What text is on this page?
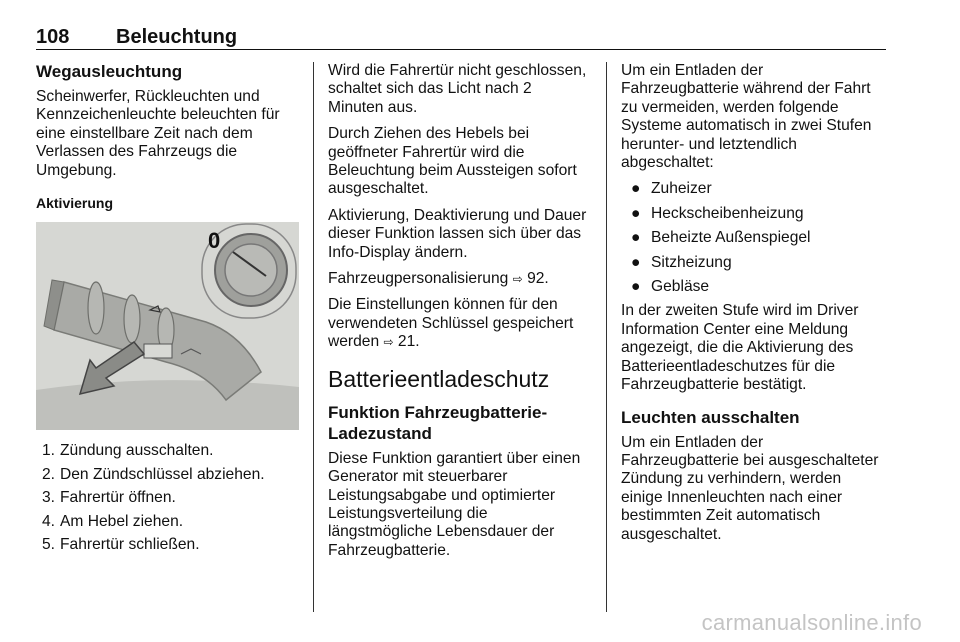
108 Beleuchtung
Wegausleuchtung

Scheinwerfer, Rückleuchten und Kennzeichenleuchte beleuchten für eine einstellbare Zeit nach dem Verlassen des Fahrzeugs die Umgebung.

Aktivierung
0
1. Zündung ausschalten.
2. Den Zündschlüssel abziehen.
3. Fahrertür öffnen.
4. Am Hebel ziehen.
5. Fahrertür schließen.

Wird die Fahrertür nicht geschlossen, schaltet sich das Licht nach 2 Minuten aus.

Durch Ziehen des Hebels bei geöffneter Fahrertür wird die Beleuchtung beim Aussteigen sofort ausgeschaltet.

Aktivierung, Deaktivierung und Dauer dieser Funktion lassen sich über das Info-Display ändern.

Fahrzeugpersonalisierung ⇨ 92.

Die Einstellungen können für den verwendeten Schlüssel gespeichert werden ⇨ 21.

Batterieentladeschutz
Funktion Fahrzeugbatterie-Ladezustand

Diese Funktion garantiert über einen Generator mit steuerbarer Leistungsabgabe und optimierter Leistungsverteilung die längstmögliche Lebensdauer der Fahrzeugbatterie.

Um ein Entladen der Fahrzeugbatterie während der Fahrt zu vermeiden, werden folgende Systeme automatisch in zwei Stufen herunter- und letztendlich abgeschaltet:

● Zuheizer
● Heckscheibenheizung
● Beheizte Außenspiegel
● Sitzheizung
● Gebläse

In der zweiten Stufe wird im Driver Information Center eine Meldung angezeigt, die die Aktivierung des Batterieentladeschutzes für die Fahrzeugbatterie bestätigt.

Leuchten ausschalten

Um ein Entladen der Fahrzeugbatterie bei ausgeschalteter Zündung zu verhindern, werden einige Innenleuchten nach einer bestimmten Zeit automatisch ausgeschaltet.

carmanualsonline.info
